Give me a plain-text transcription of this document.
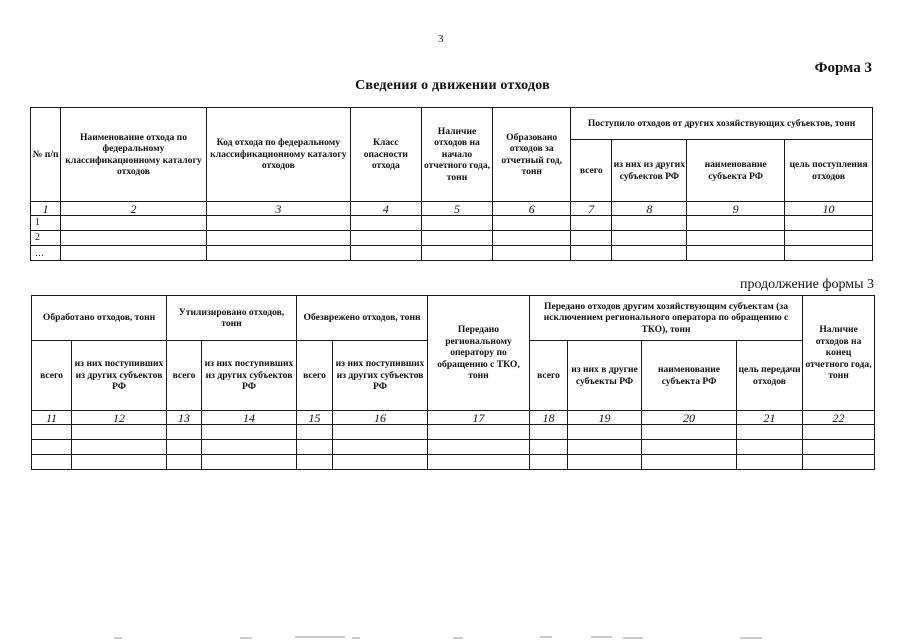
3
Форма 3
Сведения о движении отходов
№ п/п	Наименование отхода по федеральному классификационному каталогу отходов	Код отхода по федеральному классификационному каталогу отходов	Класс опасности отхода	Наличие отходов на начало отчетного года, тонн	Образовано отходов за отчетный год, тонн	Поступило отходов от других хозяйствующих субъектов, тонн			
						всего	из них из других субъектов РФ	наименование субъекта РФ	цель поступления отходов
1	2	3	4	5	6	7	8	9	10
1									
2									
…									
продолжение формы 3
Обработано отходов, тонн		Утилизировано отходов, тонн		Обезврежено отходов, тонн		Передано региональному оператору по обращению с ТКО, тонн	Передано отходов другим хозяйствующим субъектам (за исключением регионального оператора по обращению с ТКО), тонн				Наличие отходов на конец отчетного года, тонн
всего	из них поступивших из других субъектов РФ	всего	из них поступивших из других субъектов РФ	всего	из них поступивших из других субъектов РФ		всего	из них в другие субъекты РФ	наименование субъекта РФ	цель передачи отходов	
11	12	13	14	15	16	17	18	19	20	21	22
